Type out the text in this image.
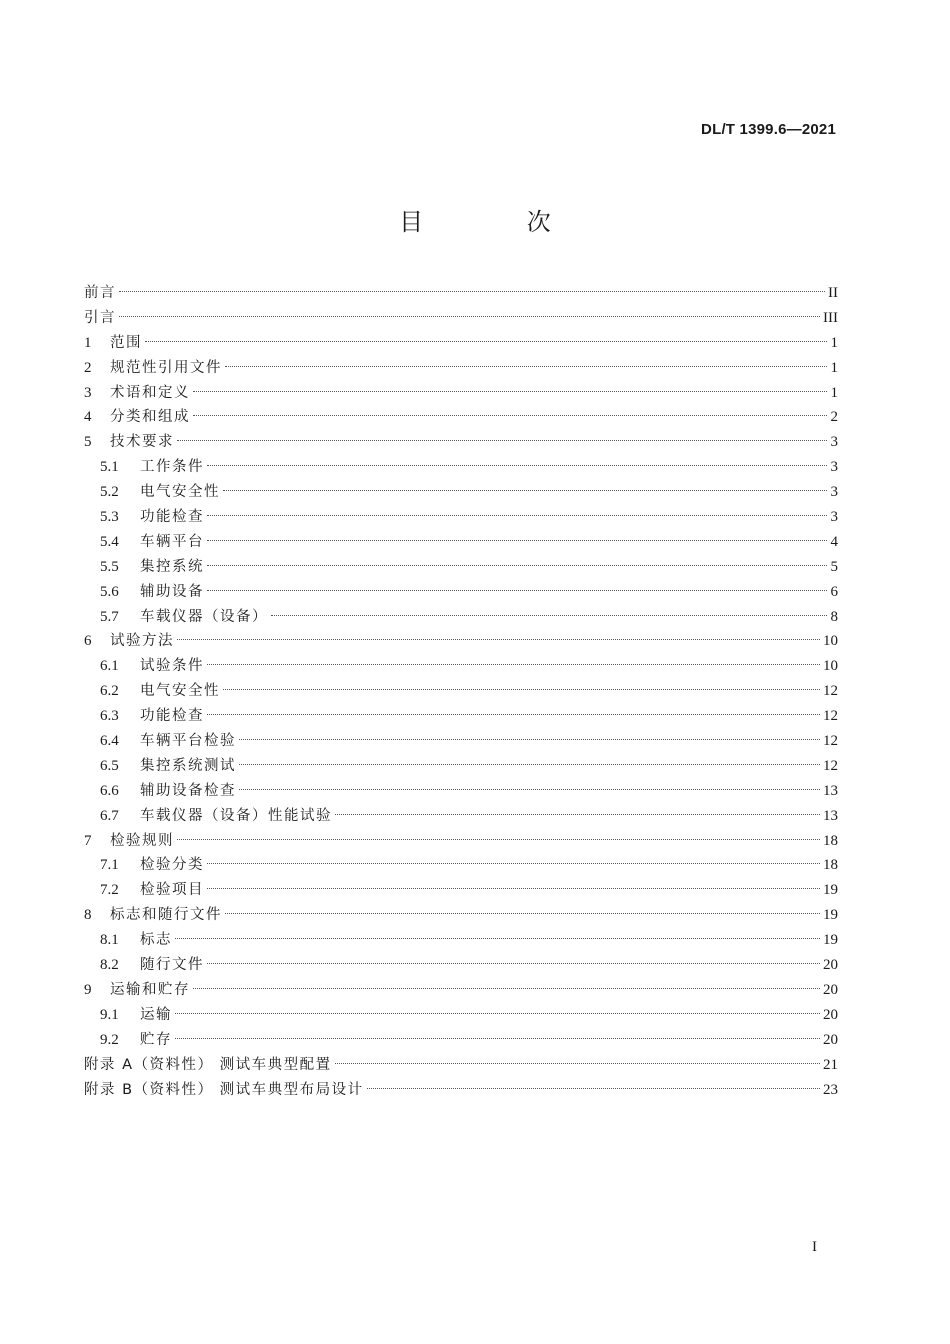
DL/T 1399.6—2021
目 次
前言	II
引言	III
1	范围	1
2	规范性引用文件	1
3	术语和定义	1
4	分类和组成	2
5	技术要求	3
5.1	工作条件	3
5.2	电气安全性	3
5.3	功能检查	3
5.4	车辆平台	4
5.5	集控系统	5
5.6	辅助设备	6
5.7	车载仪器（设备）	8
6	试验方法	10
6.1	试验条件	10
6.2	电气安全性	12
6.3	功能检查	12
6.4	车辆平台检验	12
6.5	集控系统测试	12
6.6	辅助设备检查	13
6.7	车载仪器（设备）性能试验	13
7	检验规则	18
7.1	检验分类	18
7.2	检验项目	19
8	标志和随行文件	19
8.1	标志	19
8.2	随行文件	20
9	运输和贮存	20
9.1	运输	20
9.2	贮存	20
附录 A（资料性） 测试车典型配置	21
附录 B（资料性） 测试车典型布局设计	23
I
